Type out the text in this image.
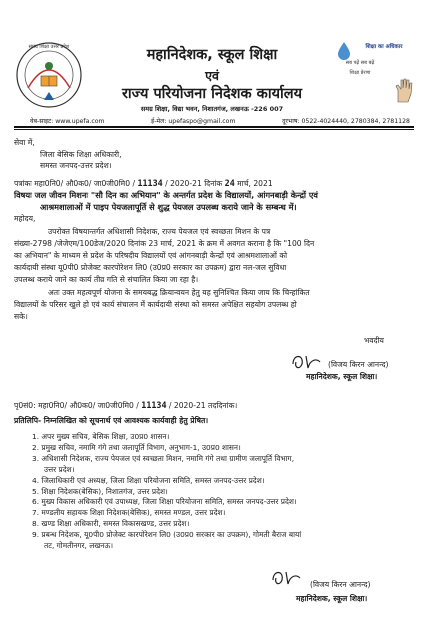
समग्र शिक्षा उत्तर प्रदेश	शिक्षा का अधिकार
सब पढ़ें सब बढ़ें
शिक्षा प्रेरणा
महानिदेशक, स्कूल शिक्षा
एवं
राज्य परियोजना निदेशक कार्यालय
समग्र शिक्षा, विद्या भवन, निशातगंज, लखनऊ -226 007
वेब-साइट: www.upefa.com	ई-मेल: upefaspo@gmail.com	दूरभाष: 0522-4024440, 2780384, 2781128
सेवा में,
जिला बेसिक शिक्षा अधिकारी,
समस्त जनपद-उत्तर प्रदेश।
पत्रांकः महा0नि0/ औ0क0/ जा0जी0मि0 / 11134 / 2020-21 दिनांक 24 मार्च, 2021
विषयः जल जीवन मिशनः "सौ दिन का अभियान" के अन्तर्गत प्रदेश के विद्यालयों, आंगनबाड़ी केन्द्रों एवं
आश्रमशालाओं में पाइप पेयजलापूर्ति से शुद्ध पेयजल उपलब्ध कराये जाने के सम्बन्ध में।
महोदय,
उपरोक्त विषयान्तर्गत अधिशासी निदेशक, राज्य पेयजल एवं स्वच्छता मिशन के पत्र
संख्या-2798 /जेजेएम/100डेज/2020 दिनांक 23 मार्च, 2021 के क्रम में अवगत कराना है कि "100 दिन
का अभियान" के माध्यम से प्रदेश के परिषदीय विद्यालयों एवं आंगनबाड़ी केन्द्रों एवं आश्रमशालाओं को
कार्यदायी संस्था यू0पी0 प्रोजेक्ट कारपोरेशन लि0 (उ0प्र0 सरकार का उपक्रम) द्वारा नल-जल सुविधा
उपलब्ध कराये जाने का कार्य तीव्र गति से संचालित किया जा रहा है।
अतः उक्त महत्वपूर्ण योजना के समयबद्ध क्रियान्वयन हेतु यह सुनिश्चित किया जाय कि चिन्हांकित
विद्यालयों के परिसर खुले हो एवं कार्य संचालन में कार्यदायी संस्था को समस्त अपेक्षित सहयोग उपलब्ध हो
सके।
भवदीय
(विजय किरन आनन्द)
महानिदेशक, स्कूल शिक्षा।
पृ0सं0: महा0नि0/ औ0क0/ जा0जी0मि0 / 11134 / 2020-21 तददिनांक।
प्रतिलिपि- निम्नलिखित को सूचनार्थ एवं आवश्यक कार्यवाही हेतु प्रेषित।
1. अपर मुख्य सचिव, बेसिक शिक्षा, उ0प्र0 शासन।
2. प्रमुख सचिव, नमामि गंगे तथा जलापूर्ति विभाग, अनुभाग-1, उ0प्र0 शासन।
3. अधिशासी निदेशक, राज्य पेयजल एवं स्वच्छता मिशन, नमामि गंगे तथा ग्रामीण जलापूर्ति विभाग,
उत्तर प्रदेश।
4. जिलाधिकारी एवं अध्यक्ष, जिला शिक्षा परियोजना समिति, समस्त जनपद-उत्तर प्रदेश।
5. शिक्षा निदेशक(बेसिक), निशातगंज, उत्तर प्रदेश।
6. मुख्य विकास अधिकारी एवं उपाध्यक्ष, जिला शिक्षा परियोजना समिति, समस्त जनपद-उत्तर प्रदेश।
7. मण्डलीय सहायक शिक्षा निदेशक(बेसिक), समस्त मण्डल, उत्तर प्रदेश।
8. खण्ड शिक्षा अधिकारी, समस्त विकासखण्ड, उत्तर प्रदेश।
9. प्रबन्ध निदेशक, यू0पी0 प्रोजेक्ट कारपोरेशन लि0 (उ0प्र0 सरकार का उपक्रम), गोमती बैराज बायां
तट, गोमतीनगर, लखनऊ।
(विजय किरन आनन्द)
महानिदेशक, स्कूल शिक्षा।
